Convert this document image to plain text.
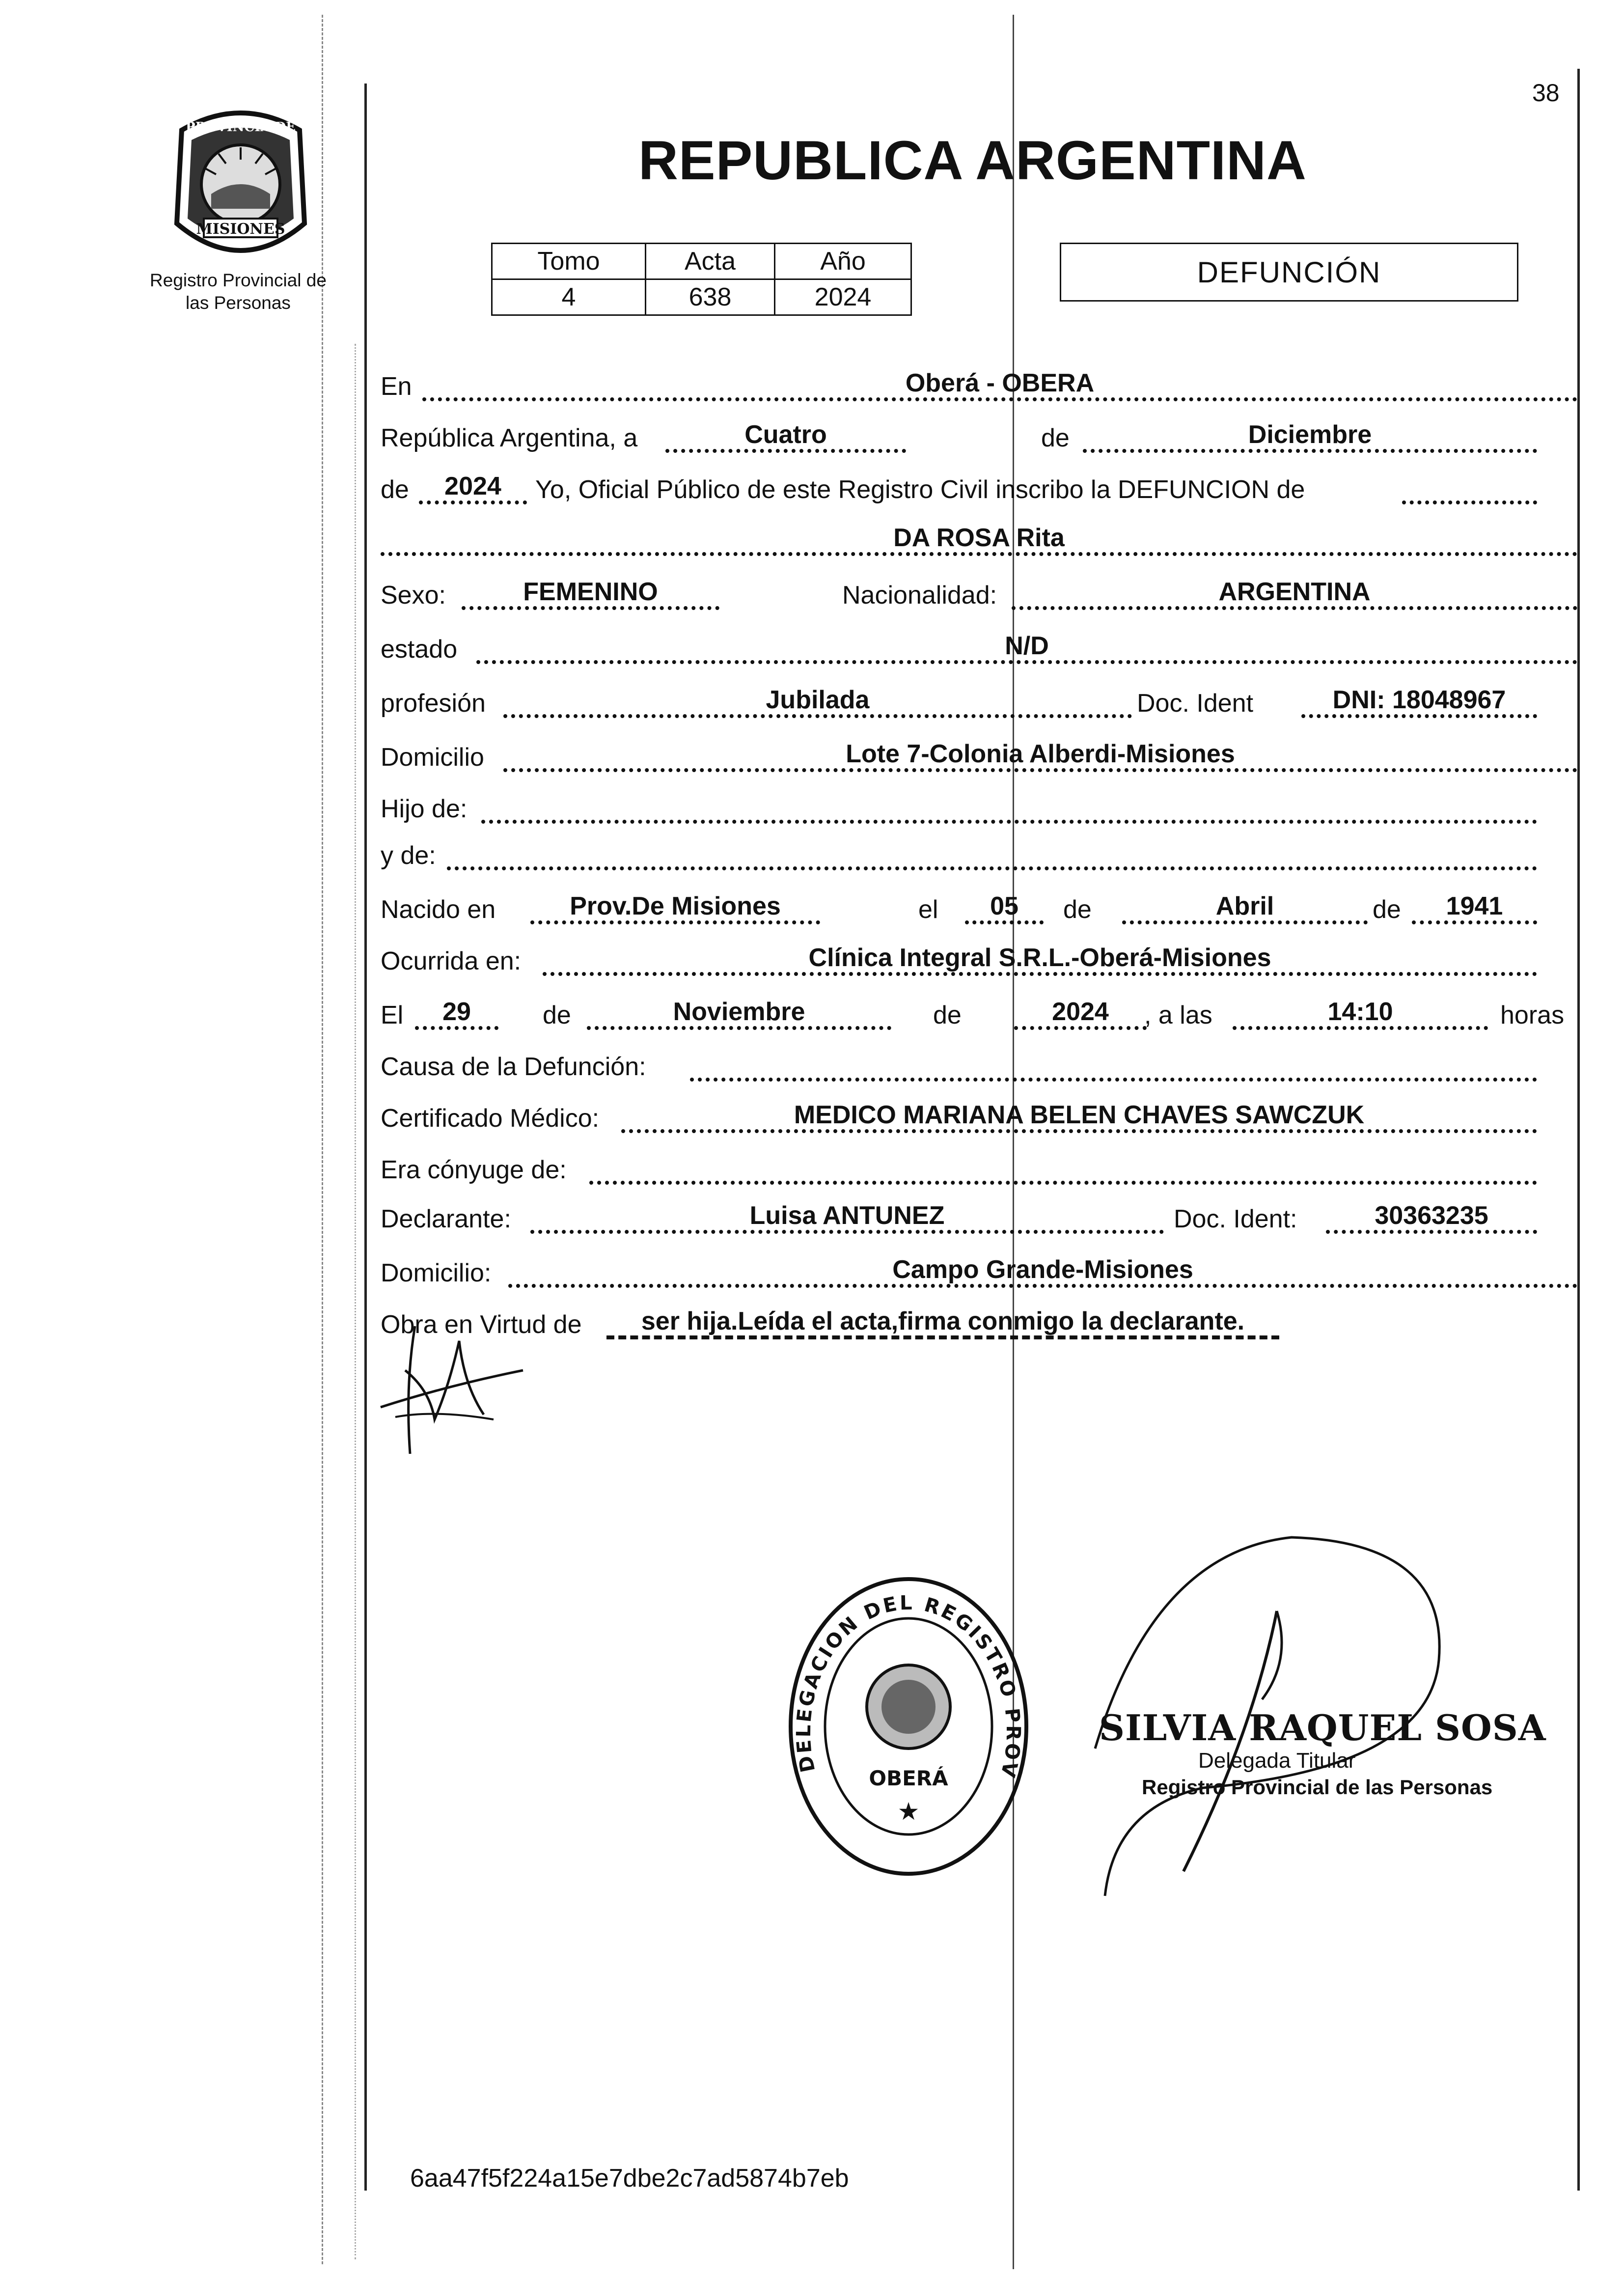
38
PROVINCIA DE
MISIONES
Registro Provincial de
las Personas
REPUBLICA ARGENTINA
Tomo	Acta	Año
4	638	2024
DEFUNCIÓN
En	Oberá - OBERA
República Argentina, a	Cuatro	de	Diciembre
de	2024	Yo, Oficial Público de este Registro Civil inscribo la DEFUNCION de
DA ROSA Rita
Sexo:	FEMENINO	Nacionalidad:	ARGENTINA
estado	N/D
profesión	Jubilada	Doc. Ident	DNI: 18048967
Domicilio	Lote 7-Colonia Alberdi-Misiones
Hijo de:
y de:
Nacido en	Prov.De Misiones	el	05	de	Abril	de	1941
Ocurrida en:	Clínica Integral S.R.L.-Oberá-Misiones
El	29	de	Noviembre	de	2024	, a las	14:10	horas
Causa de la Defunción:
Certificado Médico:	MEDICO MARIANA BELEN CHAVES SAWCZUK
Era cónyuge de:
Declarante:	Luisa ANTUNEZ	Doc. Ident:	30363235
Domicilio:	Campo Grande-Misiones
Obra en Virtud de	ser hija.Leída el acta,firma conmigo la declarante.
DELEGACION DEL REGISTRO PROV
OBERÁ
★
SILVIA RAQUEL SOSA
Delegada Titular
Registro Provincial de las Personas
6aa47f5f224a15e7dbe2c7ad5874b7eb
